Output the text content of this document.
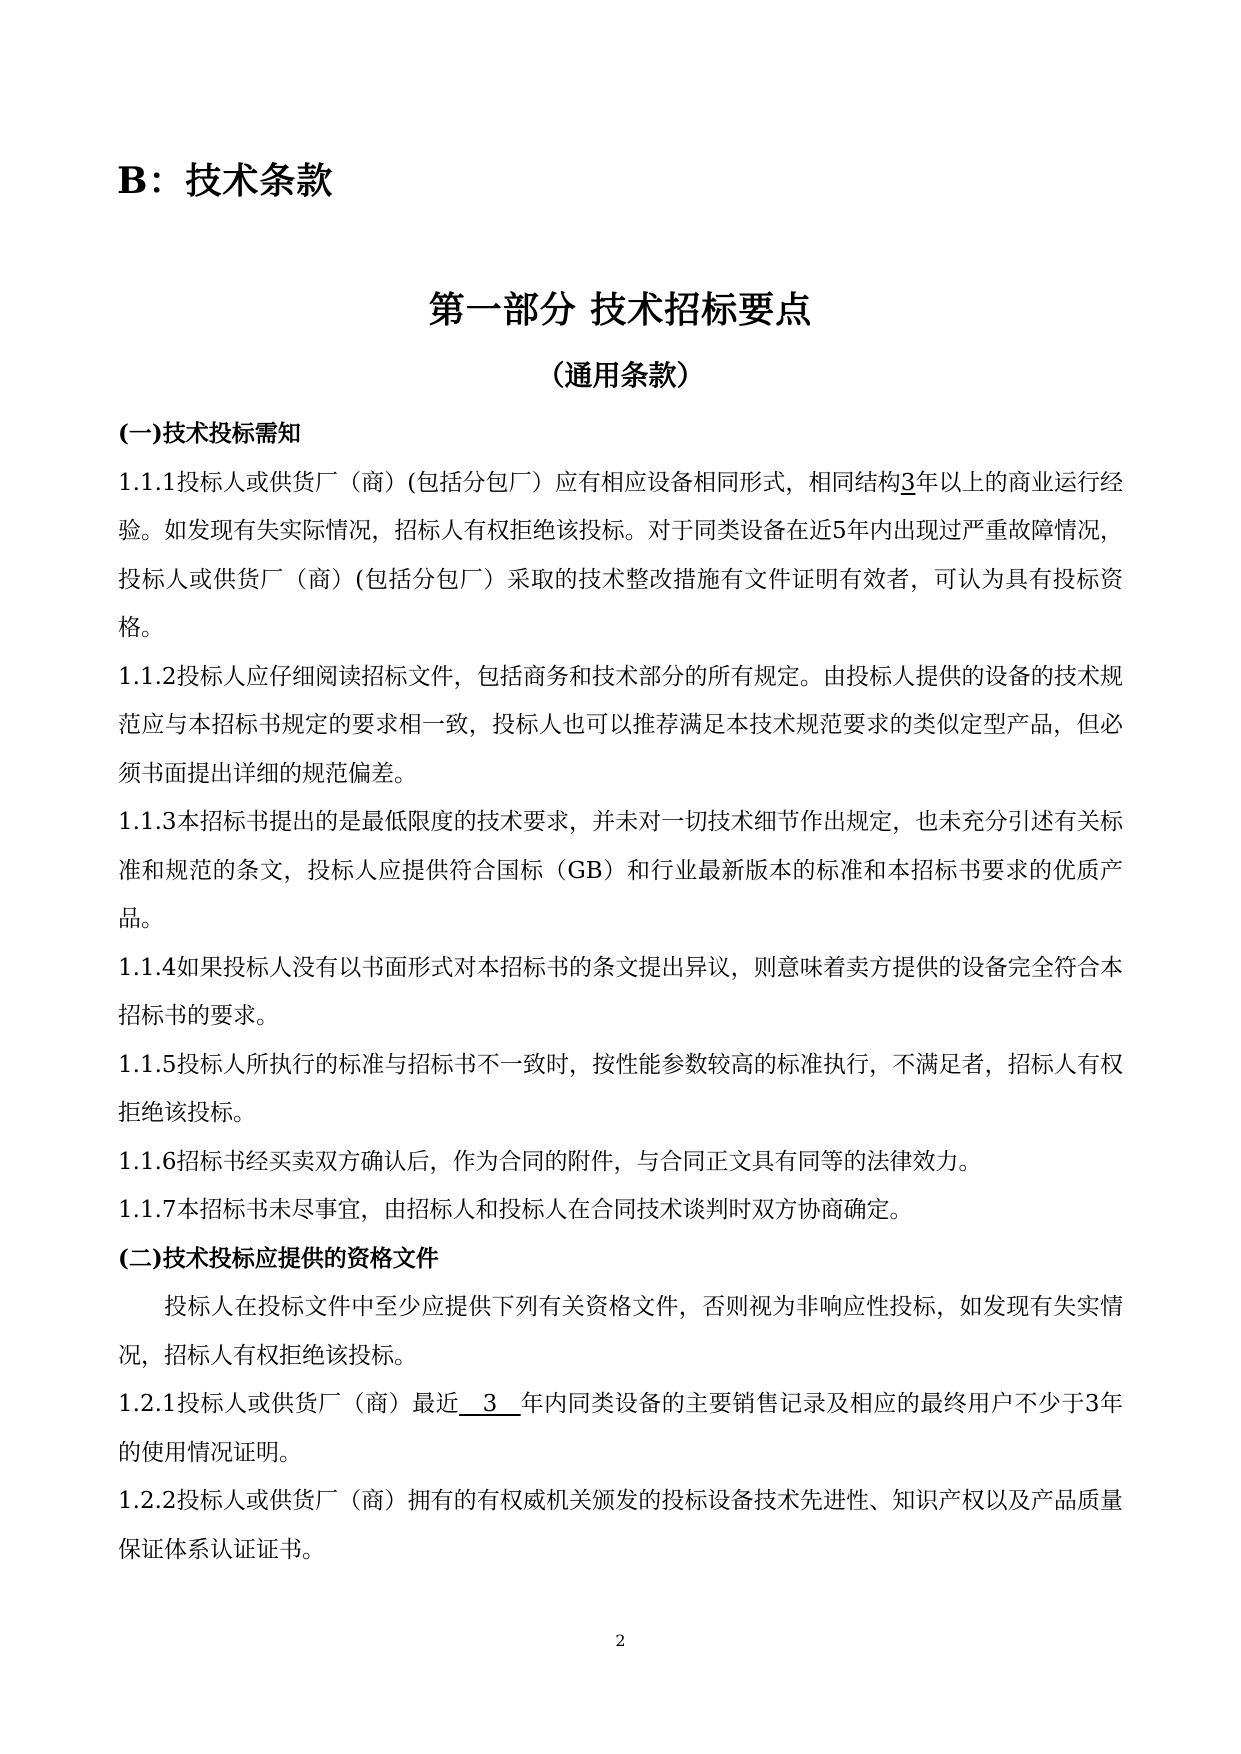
B：技术条款
第一部分 技术招标要点
（通用条款）

(一)技术投标需知

1.1.1投标人或供货厂（商）(包括分包厂）应有相应设备相同形式，相同结构3年以上的商业运行经验。如发现有失实际情况，招标人有权拒绝该投标。对于同类设备在近5年内出现过严重故障情况，投标人或供货厂（商）(包括分包厂）采取的技术整改措施有文件证明有效者，可认为具有投标资格。

1.1.2投标人应仔细阅读招标文件，包括商务和技术部分的所有规定。由投标人提供的设备的技术规范应与本招标书规定的要求相一致，投标人也可以推荐满足本技术规范要求的类似定型产品，但必须书面提出详细的规范偏差。

1.1.3本招标书提出的是最低限度的技术要求，并未对一切技术细节作出规定，也未充分引述有关标准和规范的条文，投标人应提供符合国标（GB）和行业最新版本的标准和本招标书要求的优质产品。

1.1.4如果投标人没有以书面形式对本招标书的条文提出异议，则意味着卖方提供的设备完全符合本招标书的要求。

1.1.5投标人所执行的标准与招标书不一致时，按性能参数较高的标准执行，不满足者，招标人有权拒绝该投标。

1.1.6招标书经买卖双方确认后，作为合同的附件，与合同正文具有同等的法律效力。

1.1.7本招标书未尽事宜，由招标人和投标人在合同技术谈判时双方协商确定。

(二)技术投标应提供的资格文件

投标人在投标文件中至少应提供下列有关资格文件，否则视为非响应性投标，如发现有失实情况，招标人有权拒绝该投标。

1.2.1投标人或供货厂（商）最近   3   年内同类设备的主要销售记录及相应的最终用户不少于3年的使用情况证明。

1.2.2投标人或供货厂（商）拥有的有权威机关颁发的投标设备技术先进性、知识产权以及产品质量保证体系认证证书。

2
